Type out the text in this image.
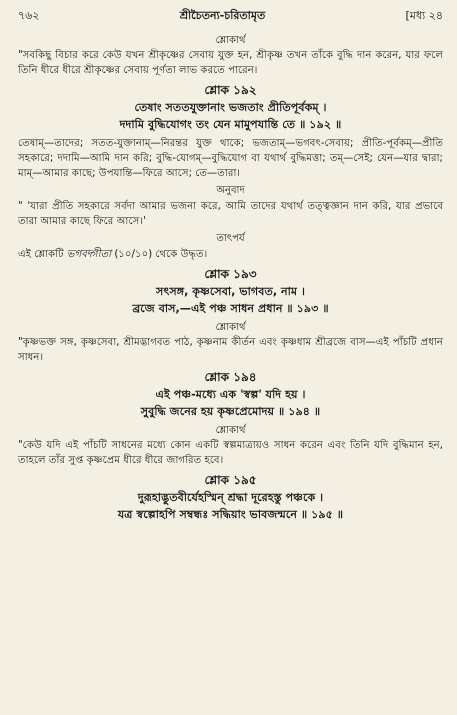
৭৬২	শ্রীচৈতন্য-চরিতামৃত	[মধ্য ২৪
শ্লোকার্থ

"সবকিছু বিচার করে কেউ যখন শ্রীকৃষ্ণের সেবায় যুক্ত হন, শ্রীকৃষ্ণ তখন তাঁকে বুদ্ধি দান করেন, যার ফলে তিনি ধীরে ধীরে শ্রীকৃষ্ণের সেবায় পূর্ণতা লাভ করতে পারেন।

শ্লোক ১৯২
তেষাং সততযুক্তানাং ভজতাং প্রীতিপূর্বকম্ ।
দদামি বুদ্ধিযোগং তং যেন মামুপযান্তি তে ॥ ১৯২ ॥

তেষাম্—তাদের; সতত-যুক্তানাম্—নিরন্তর যুক্ত থাকে; ভজতাম্—ভগবৎ-সেবায়; প্রীতি-পূর্বকম্—প্রীতি সহকারে; দদামি—আমি দান করি; বুদ্ধি-যোগম্—বুদ্ধিযোগ বা যথার্থ বুদ্ধিমত্তা; তম্—সেই; যেন—যার দ্বারা; মাম্—আমার কাছে; উপযান্তি—ফিরে আসে; তে—তারা।

অনুবাদ

" 'যারা প্রীতি সহকারে সর্বদা আমার ভজনা করে, আমি তাদের যথার্থ তত্ত্বজ্ঞান দান করি, যার প্রভাবে তারা আমার কাছে ফিরে আসে।'

তাৎপর্য

এই শ্লোকটি ভগবদ্গীতা (১০/১০) থেকে উদ্ধৃত।

শ্লোক ১৯৩
সৎসঙ্গ, কৃষ্ণসেবা, ভাগবত, নাম ।
ব্রজে বাস,—এই পঞ্চ সাধন প্রধান ॥ ১৯৩ ॥
শ্লোকার্থ

"কৃষ্ণভক্ত সঙ্গ, কৃষ্ণসেবা, শ্রীমদ্ভাগবত পাঠ, কৃষ্ণনাম কীর্তন এবং কৃষ্ণধাম শ্রীব্রজে বাস—এই পাঁচটি প্রধান সাধন।

শ্লোক ১৯৪
এই পঞ্চ-মধ্যে এক 'স্বল্প' যদি হয় ।
সুবুদ্ধি জনের হয় কৃষ্ণপ্রেমোদয় ॥ ১৯৪ ॥
শ্লোকার্থ

"কেউ যদি এই পাঁচটি সাধনের মধ্যে কোন একটি স্বল্পমাত্রায়ও সাধন করেন এবং তিনি যদি বুদ্ধিমান হন, তাহলে তাঁর সুপ্ত কৃষ্ণপ্রেম ধীরে ধীরে জাগরিত হবে।

শ্লোক ১৯৫
দুরূহাদ্ভুতবীর্যেহস্মিন্ শ্রদ্ধা দূরেহস্তু পঞ্চকে ।
যত্র স্বল্পোহপি সম্বন্ধঃ সদ্ধিয়াং ভাবজন্মনে ॥ ১৯৫ ॥
